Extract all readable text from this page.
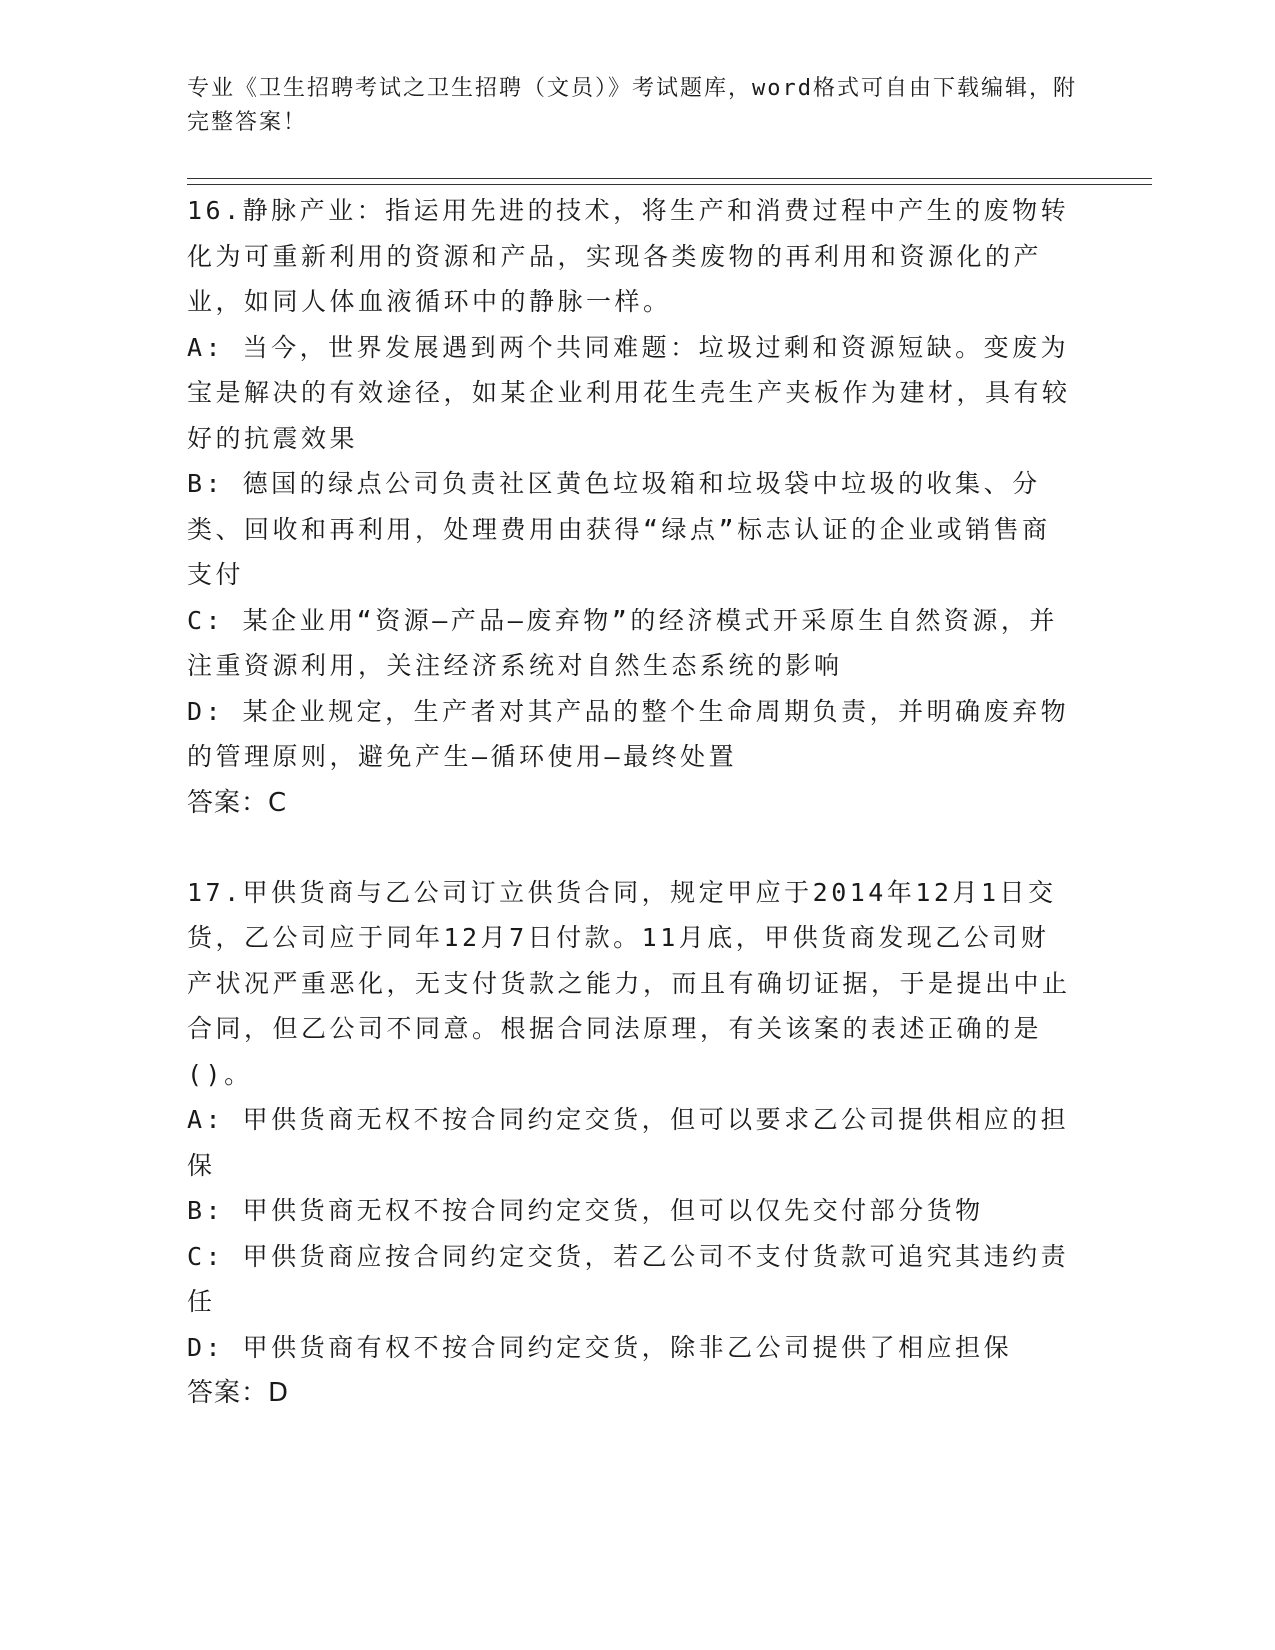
专业《卫生招聘考试之卫生招聘（文员）》考试题库，word格式可自由下载编辑，附完整答案！

16.静脉产业：指运用先进的技术，将生产和消费过程中产生的废物转化为可重新利用的资源和产品，实现各类废物的再利用和资源化的产业，如同人体血液循环中的静脉一样。

A: 当今，世界发展遇到两个共同难题：垃圾过剩和资源短缺。变废为宝是解决的有效途径，如某企业利用花生壳生产夹板作为建材，具有较好的抗震效果

B: 德国的绿点公司负责社区黄色垃圾箱和垃圾袋中垃圾的收集、分类、回收和再利用，处理费用由获得“绿点”标志认证的企业或销售商支付

C: 某企业用“资源—产品—废弃物”的经济模式开采原生自然资源，并注重资源利用，关注经济系统对自然生态系统的影响

D: 某企业规定，生产者对其产品的整个生命周期负责，并明确废弃物的管理原则，避免产生—循环使用—最终处置

答案：C

17.甲供货商与乙公司订立供货合同，规定甲应于2014年12月1日交货，乙公司应于同年12月7日付款。11月底，甲供货商发现乙公司财产状况严重恶化，无支付货款之能力，而且有确切证据，于是提出中止合同，但乙公司不同意。根据合同法原理，有关该案的表述正确的是()。

A: 甲供货商无权不按合同约定交货，但可以要求乙公司提供相应的担保

B: 甲供货商无权不按合同约定交货，但可以仅先交付部分货物

C: 甲供货商应按合同约定交货，若乙公司不支付货款可追究其违约责任

D: 甲供货商有权不按合同约定交货，除非乙公司提供了相应担保

答案：D
